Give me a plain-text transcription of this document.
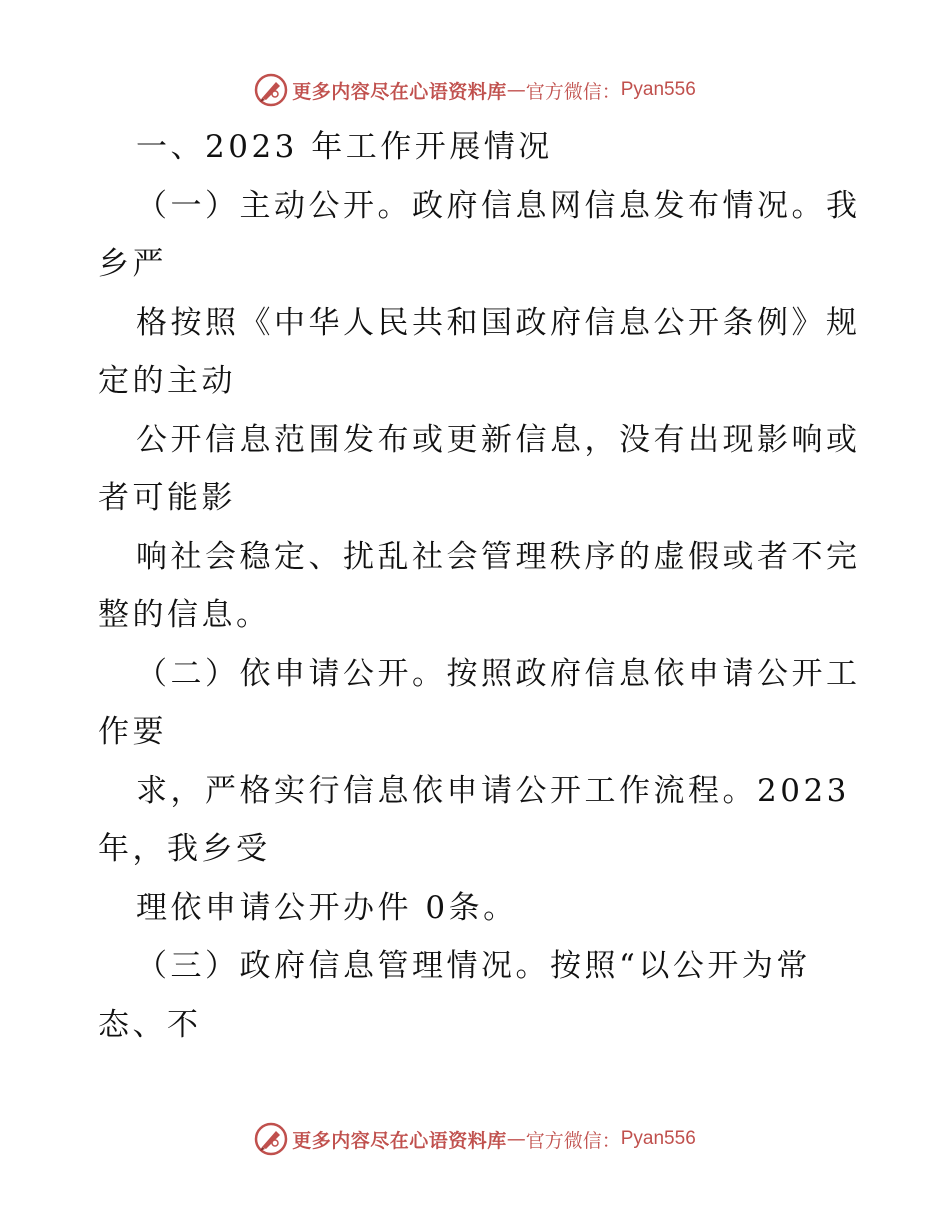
更多内容尽在心语资料库 — 官方微信： Pyan556
一、2023 年工作开展情况
（一）主动公开。政府信息网信息发布情况。我
乡严
格按照《中华人民共和国政府信息公开条例》规
定的主动
公开信息范围发布或更新信息，没有出现影响或
者可能影
响社会稳定、扰乱社会管理秩序的虚假或者不完
整的信息。
（二）依申请公开。按照政府信息依申请公开工
作要
求，严格实行信息依申请公开工作流程。2023
年，我乡受
理依申请公开办件 0条。
（三）政府信息管理情况。按照“以公开为常
态、不
更多内容尽在心语资料库 — 官方微信： Pyan556
